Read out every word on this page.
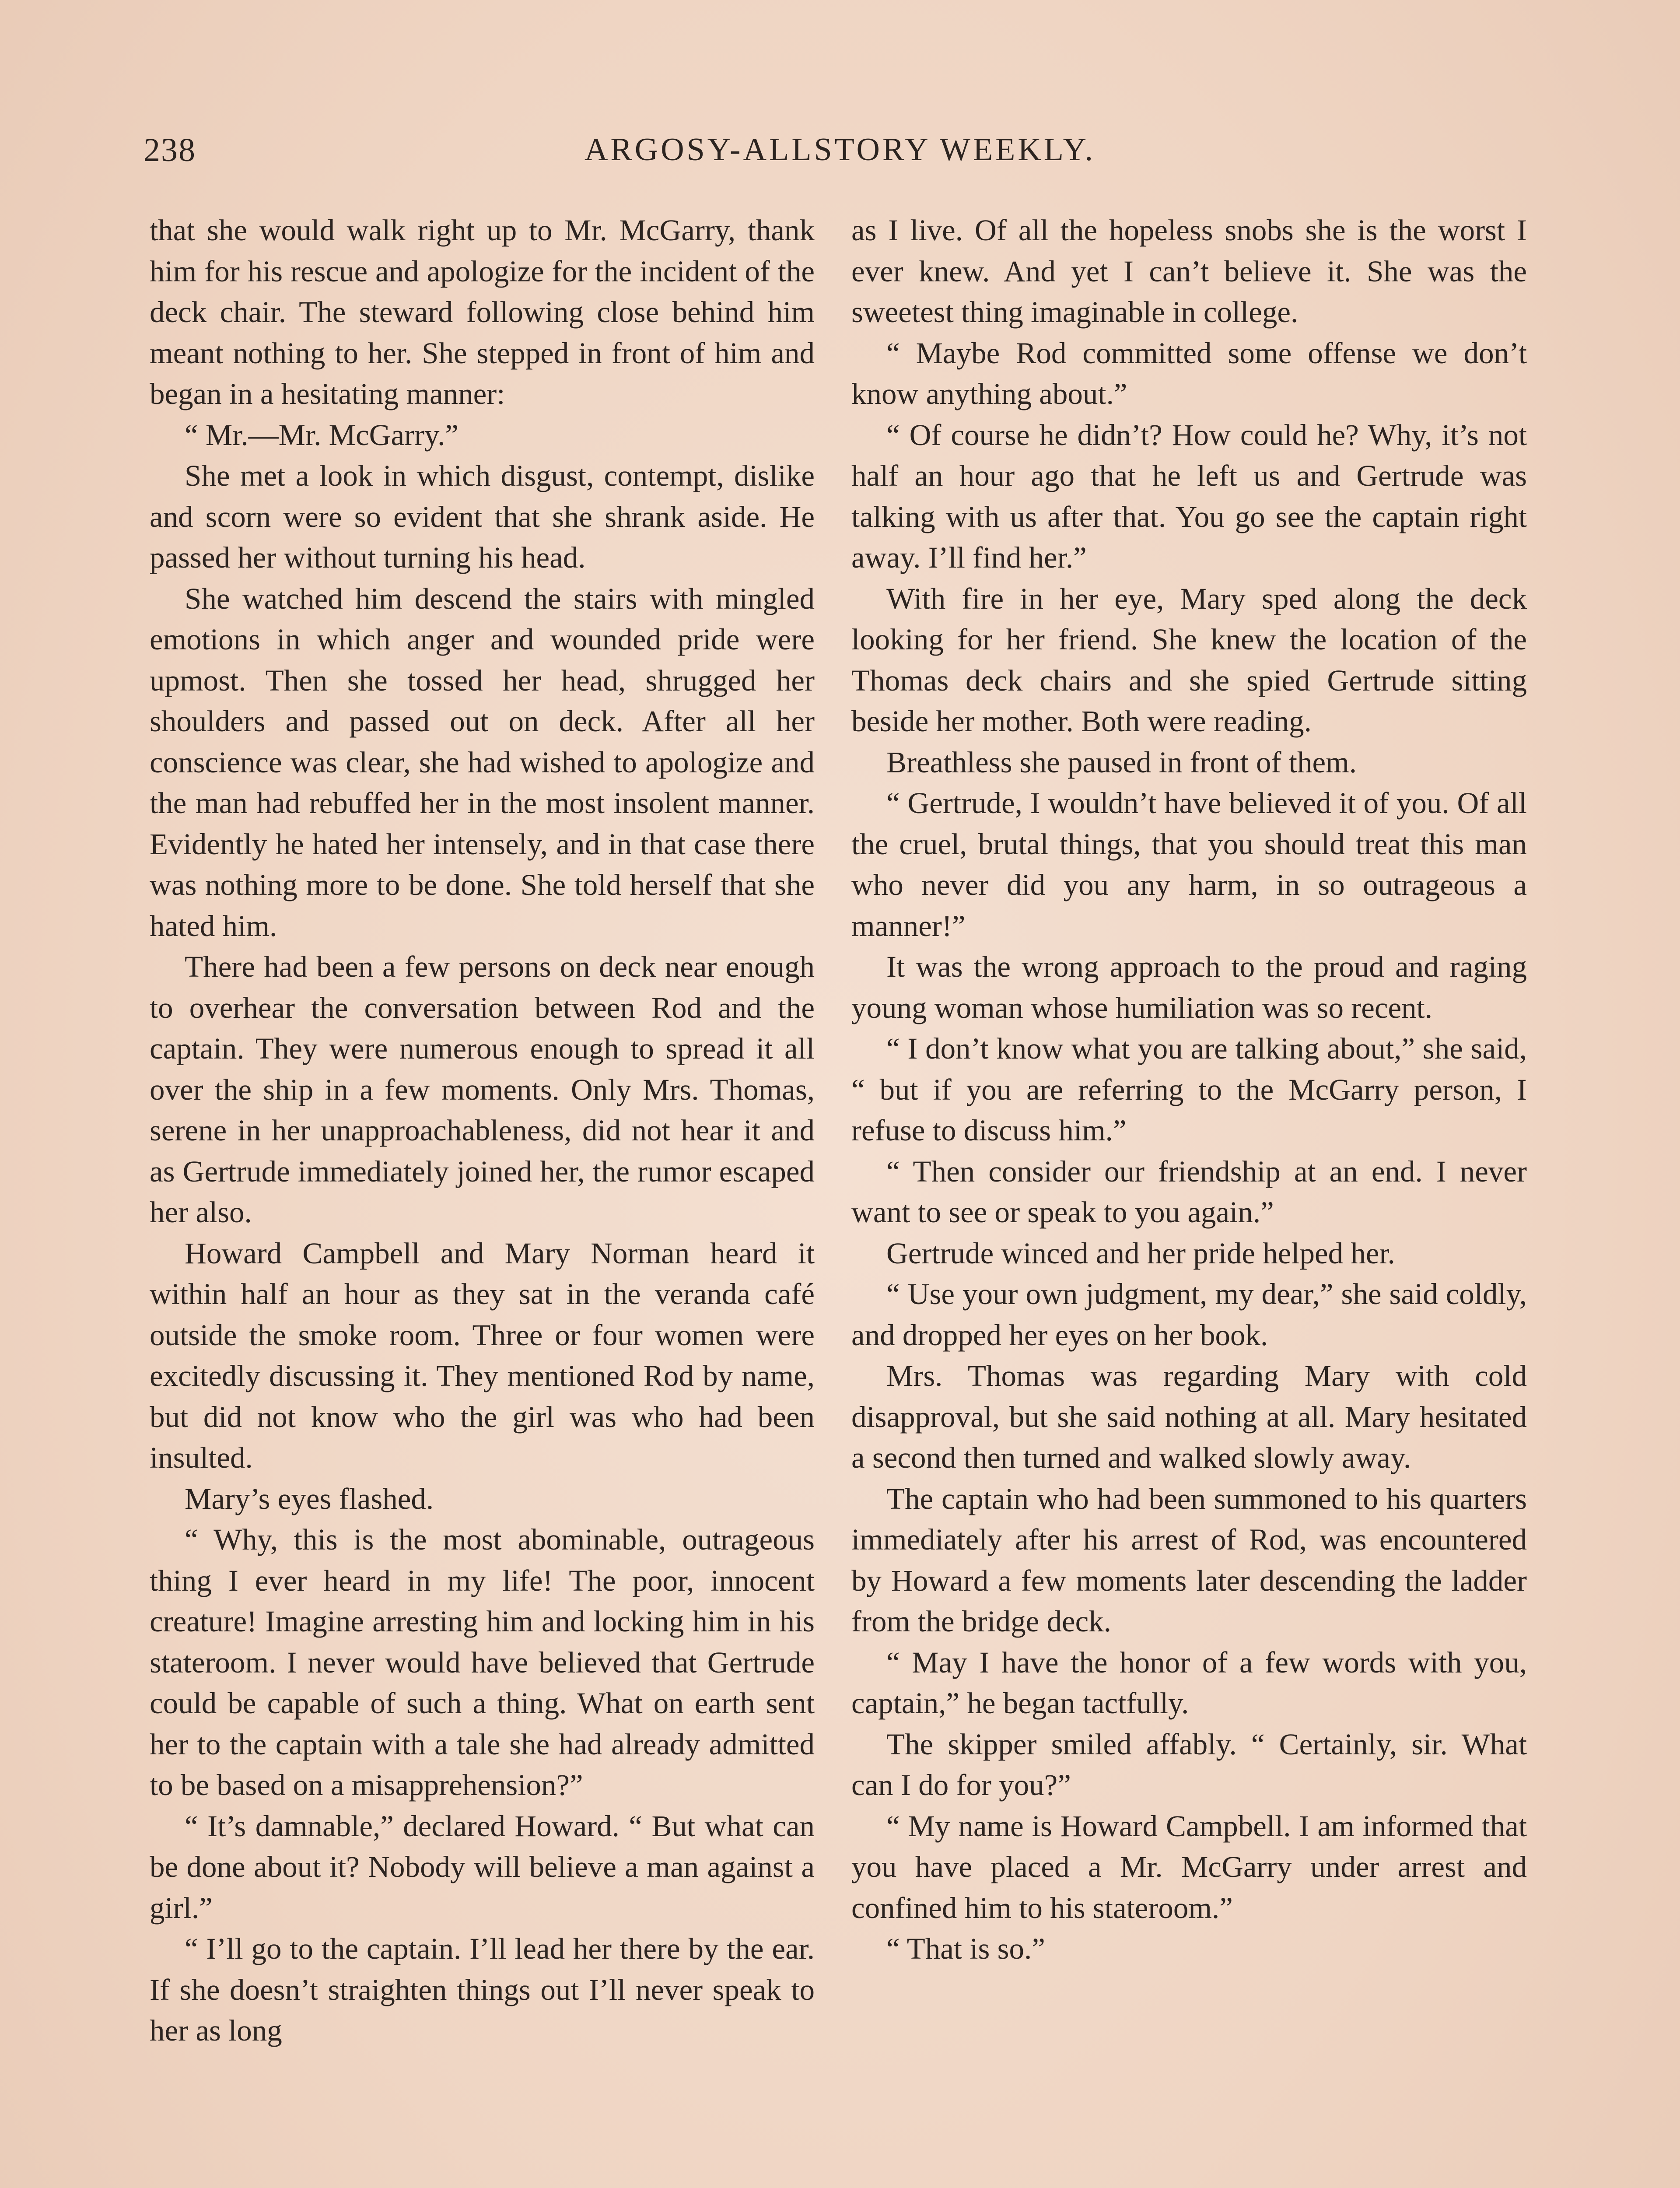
238	ARGOSY-ALLSTORY WEEKLY.

that she would walk right up to Mr. McGarry, thank him for his rescue and apologize for the incident of the deck chair. The steward following close behind him meant nothing to her. She stepped in front of him and began in a hesitating manner:

“ Mr.—Mr. McGarry.”

She met a look in which disgust, contempt, dislike and scorn were so evident that she shrank aside. He passed her without turning his head.

She watched him descend the stairs with mingled emotions in which anger and wounded pride were upmost. Then she tossed her head, shrugged her shoulders and passed out on deck. After all her conscience was clear, she had wished to apologize and the man had rebuffed her in the most insolent manner. Evidently he hated her intensely, and in that case there was nothing more to be done. She told herself that she hated him.

There had been a few persons on deck near enough to overhear the conversation between Rod and the captain. They were numerous enough to spread it all over the ship in a few moments. Only Mrs. Thomas, serene in her unapproachableness, did not hear it and as Gertrude immediately joined her, the rumor escaped her also.

Howard Campbell and Mary Norman heard it within half an hour as they sat in the veranda café outside the smoke room. Three or four women were excitedly discussing it. They mentioned Rod by name, but did not know who the girl was who had been insulted.

Mary’s eyes flashed.

“ Why, this is the most abominable, outrageous thing I ever heard in my life! The poor, innocent creature! Imagine arresting him and locking him in his stateroom. I never would have believed that Gertrude could be capable of such a thing. What on earth sent her to the captain with a tale she had already admitted to be based on a misapprehension?”

“ It’s damnable,” declared Howard. “ But what can be done about it? Nobody will believe a man against a girl.”

“ I’ll go to the captain. I’ll lead her there by the ear. If she doesn’t straighten things out I’ll never speak to her as long

as I live. Of all the hopeless snobs she is the worst I ever knew. And yet I can’t believe it. She was the sweetest thing imaginable in college.

“ Maybe Rod committed some offense we don’t know anything about.”

“ Of course he didn’t? How could he? Why, it’s not half an hour ago that he left us and Gertrude was talking with us after that. You go see the captain right away. I’ll find her.”

With fire in her eye, Mary sped along the deck looking for her friend. She knew the location of the Thomas deck chairs and she spied Gertrude sitting beside her mother. Both were reading.

Breathless she paused in front of them.

“ Gertrude, I wouldn’t have believed it of you. Of all the cruel, brutal things, that you should treat this man who never did you any harm, in so outrageous a manner!”

It was the wrong approach to the proud and raging young woman whose humiliation was so recent.

“ I don’t know what you are talking about,” she said, “ but if you are referring to the McGarry person, I refuse to discuss him.”

“ Then consider our friendship at an end. I never want to see or speak to you again.”

Gertrude winced and her pride helped her.

“ Use your own judgment, my dear,” she said coldly, and dropped her eyes on her book.

Mrs. Thomas was regarding Mary with cold disapproval, but she said nothing at all. Mary hesitated a second then turned and walked slowly away.

The captain who had been summoned to his quarters immediately after his arrest of Rod, was encountered by Howard a few moments later descending the ladder from the bridge deck.

“ May I have the honor of a few words with you, captain,” he began tactfully.

The skipper smiled affably. “ Certainly, sir. What can I do for you?”

“ My name is Howard Campbell. I am informed that you have placed a Mr. McGarry under arrest and confined him to his stateroom.”

“ That is so.”
